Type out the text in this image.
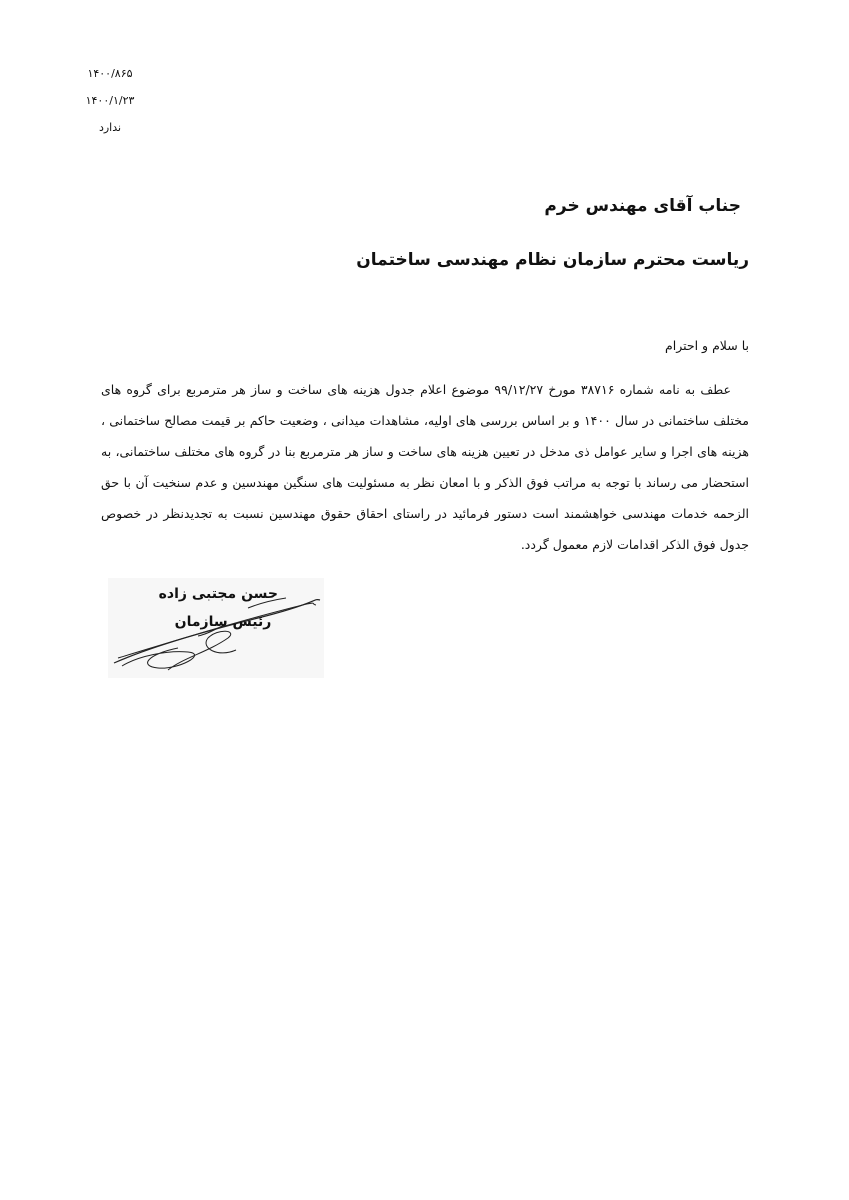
۱۴۰۰/۸۶۵
۱۴۰۰/۱/۲۳
ندارد
جناب آقای مهندس خرم
ریاست محترم سازمان نظام مهندسی ساختمان
با سلام و احترام
عطف به نامه شماره ۳۸۷۱۶ مورخ ۹۹/۱۲/۲۷ موضوع اعلام جدول هزینه های ساخت و ساز هر مترمربع برای گروه های مختلف ساختمانی در سال ۱۴۰۰ و بر اساس بررسی های اولیه، مشاهدات میدانی ، وضعیت حاکم بر قیمت مصالح ساختمانی ، هزینه های اجرا و سایر عوامل ذی مدخل در تعیین هزینه های ساخت و ساز هر مترمربع بنا در گروه های مختلف ساختمانی، به استحضار می رساند با توجه به مراتب فوق الذکر و با امعان نظر به مسئولیت های سنگین مهندسین و عدم سنخیت آن با حق الزحمه خدمات مهندسی خواهشمند است دستور فرمائید در راستای احقاق حقوق مهندسین نسبت به تجدیدنظر در خصوص جدول فوق الذکر اقدامات لازم معمول گردد.
حسن مجتبی زاده
رئیس سازمان
